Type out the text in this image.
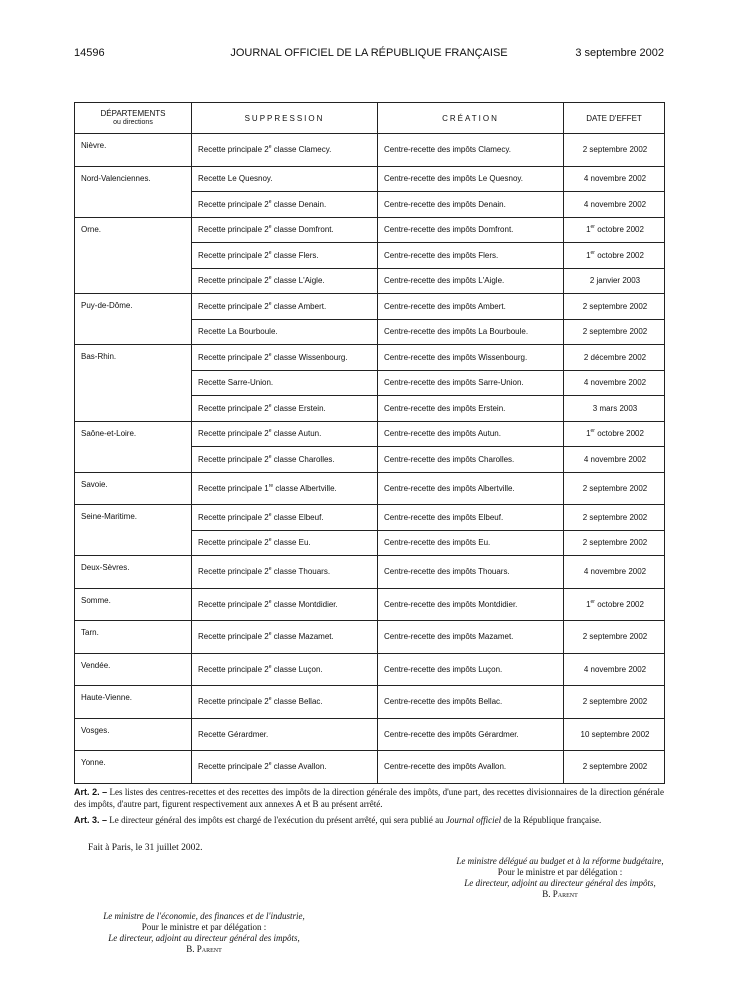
14596	JOURNAL OFFICIEL DE LA RÉPUBLIQUE FRANÇAISE	3 septembre 2002
DÉPARTEMENTS
ou directions	SUPPRESSION	CRÉATION	DATE D'EFFET
Nièvre.	Recette principale 2e classe Clamecy.	Centre-recette des impôts Clamecy.	2 septembre 2002
Nord-Valenciennes.	Recette Le Quesnoy.	Centre-recette des impôts Le Quesnoy.	4 novembre 2002
	Recette principale 2e classe Denain.	Centre-recette des impôts Denain.	4 novembre 2002
Orne.	Recette principale 2e classe Domfront.	Centre-recette des impôts Domfront.	1er octobre 2002
	Recette principale 2e classe Flers.	Centre-recette des impôts Flers.	1er octobre 2002
	Recette principale 2e classe L'Aigle.	Centre-recette des impôts L'Aigle.	2 janvier 2003
Puy-de-Dôme.	Recette principale 2e classe Ambert.	Centre-recette des impôts Ambert.	2 septembre 2002
	Recette La Bourboule.	Centre-recette des impôts La Bourboule.	2 septembre 2002
Bas-Rhin.	Recette principale 2e classe Wissenbourg.	Centre-recette des impôts Wissenbourg.	2 décembre 2002
	Recette Sarre-Union.	Centre-recette des impôts Sarre-Union.	4 novembre 2002
	Recette principale 2e classe Erstein.	Centre-recette des impôts Erstein.	3 mars 2003
Saône-et-Loire.	Recette principale 2e classe Autun.	Centre-recette des impôts Autun.	1er octobre 2002
	Recette principale 2e classe Charolles.	Centre-recette des impôts Charolles.	4 novembre 2002
Savoie.	Recette principale 1re classe Albertville.	Centre-recette des impôts Albertville.	2 septembre 2002
Seine-Maritime.	Recette principale 2e classe Elbeuf.	Centre-recette des impôts Elbeuf.	2 septembre 2002
	Recette principale 2e classe Eu.	Centre-recette des impôts Eu.	2 septembre 2002
Deux-Sèvres.	Recette principale 2e classe Thouars.	Centre-recette des impôts Thouars.	4 novembre 2002
Somme.	Recette principale 2e classe Montdidier.	Centre-recette des impôts Montdidier.	1er octobre 2002
Tarn.	Recette principale 2e classe Mazamet.	Centre-recette des impôts Mazamet.	2 septembre 2002
Vendée.	Recette principale 2e classe Luçon.	Centre-recette des impôts Luçon.	4 novembre 2002
Haute-Vienne.	Recette principale 2e classe Bellac.	Centre-recette des impôts Bellac.	2 septembre 2002
Vosges.	Recette Gérardmer.	Centre-recette des impôts Gérardmer.	10 septembre 2002
Yonne.	Recette principale 2e classe Avallon.	Centre-recette des impôts Avallon.	2 septembre 2002
Art. 2. – Les listes des centres-recettes et des recettes des impôts de la direction générale des impôts, d'une part, des recettes divisionnaires de la direction générale des impôts, d'autre part, figurent respectivement aux annexes A et B au présent arrêté.
Art. 3. – Le directeur général des impôts est chargé de l'exécution du présent arrêté, qui sera publié au Journal officiel de la République française.
Fait à Paris, le 31 juillet 2002.
Le ministre délégué au budget et à la réforme budgétaire,
Pour le ministre et par délégation :
Le directeur, adjoint au directeur général des impôts,
B. Parent
Le ministre de l'économie, des finances et de l'industrie,
Pour le ministre et par délégation :
Le directeur, adjoint au directeur général des impôts,
B. Parent
